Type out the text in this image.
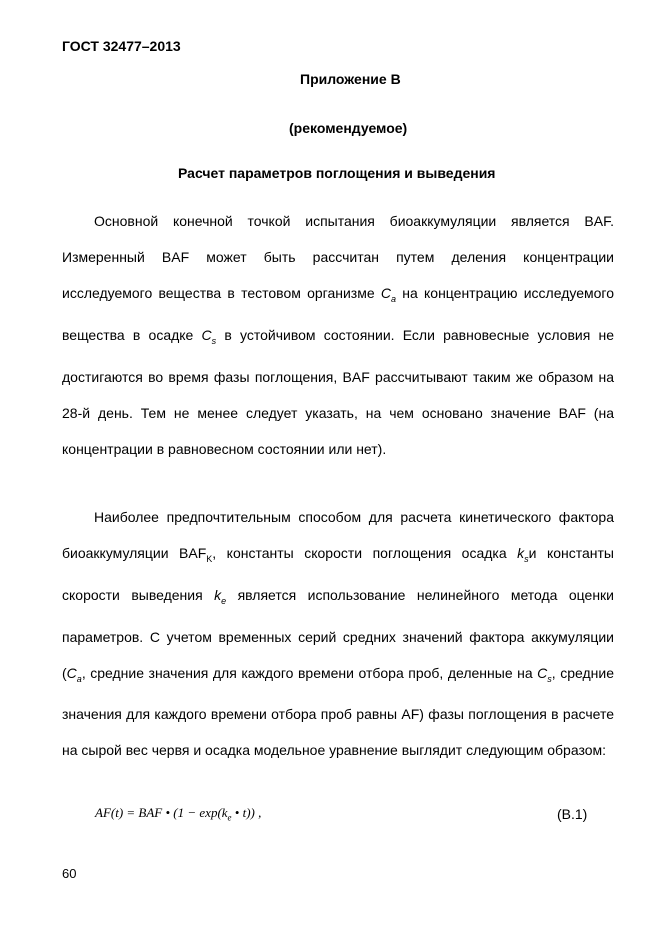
ГОСТ 32477–2013
Приложение В
(рекомендуемое)
Расчет параметров поглощения и выведения
Основной конечной точкой испытания биоаккумуляции является BAF. Измеренный BAF может быть рассчитан путем деления концентрации исследуемого вещества в тестовом организме $C_a$ на концентрацию исследуемого вещества в осадке $C_s$ в устойчивом состоянии. Если равновесные условия не достигаются во время фазы поглощения, BAF рассчитывают таким же образом на 28-й день. Тем не менее следует указать, на чем основано значение BAF (на концентрации в равновесном состоянии или нет).
Наиболее предпочтительным способом для расчета кинетического фактора биоаккумуляции $BAF_K$, константы скорости поглощения осадка $k_sи$ константы скорости выведения $k_e$ является использование нелинейного метода оценки параметров. С учетом временных серий средних значений фактора аккумуляции ($C_a$, средние значения для каждого времени отбора проб, деленные на $C_s$, средние значения для каждого времени отбора проб равны AF) фазы поглощения в расчете на сырой вес червя и осадка модельное уравнение выглядит следующим образом:
AF(t) = BAF • ($1 - \exp(k_e$ • t)) ,	(В.1)
60
